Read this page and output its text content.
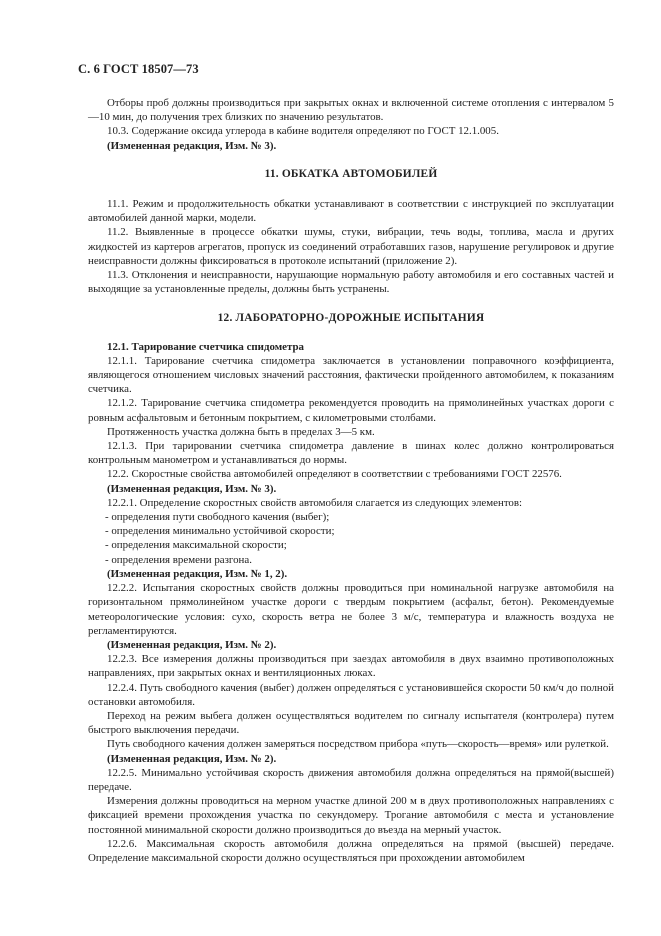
С. 6 ГОСТ 18507—73

Отборы проб должны производиться при закрытых окнах и включенной системе отопления с интервалом 5—10 мин, до получения трех близких по значению результатов.

10.3. Содержание оксида углерода в кабине водителя определяют по ГОСТ 12.1.005.

(Измененная редакция, Изм. № 3).

11. ОБКАТКА АВТОМОБИЛЕЙ

11.1. Режим и продолжительность обкатки устанавливают в соответствии с инструкцией по эксплуатации автомобилей данной марки, модели.

11.2. Выявленные в процессе обкатки шумы, стуки, вибрации, течь воды, топлива, масла и других жидкостей из картеров агрегатов, пропуск из соединений отработавших газов, нарушение регулировок и другие неисправности должны фиксироваться в протоколе испытаний (приложение 2).

11.3. Отклонения и неисправности, нарушающие нормальную работу автомобиля и его составных частей и выходящие за установленные пределы, должны быть устранены.

12. ЛАБОРАТОРНО-ДОРОЖНЫЕ ИСПЫТАНИЯ

12.1. Тарирование счетчика спидометра

12.1.1. Тарирование счетчика спидометра заключается в установлении поправочного коэффициента, являющегося отношением числовых значений расстояния, фактически пройденного автомобилем, к показаниям счетчика.

12.1.2. Тарирование счетчика спидометра рекомендуется проводить на прямолинейных участках дороги с ровным асфальтовым и бетонным покрытием, с километровыми столбами.

Протяженность участка должна быть в пределах 3—5 км.

12.1.3. При тарировании счетчика спидометра давление в шинах колес должно контролироваться контрольным манометром и устанавливаться до нормы.

12.2. Скоростные свойства автомобилей определяют в соответствии с требованиями ГОСТ 22576.

(Измененная редакция, Изм. № 3).

12.2.1. Определение скоростных свойств автомобиля слагается из следующих элементов:

- определения пути свободного качения (выбег);

- определения минимально устойчивой скорости;

- определения максимальной скорости;

- определения времени разгона.

(Измененная редакция, Изм. № 1, 2).

12.2.2. Испытания скоростных свойств должны проводиться при номинальной нагрузке автомобиля на горизонтальном прямолинейном участке дороги с твердым покрытием (асфальт, бетон). Рекомендуемые метеорологические условия: сухо, скорость ветра не более 3 м/с, температура и влажность воздуха не регламентируются.

(Измененная редакция, Изм. № 2).

12.2.3. Все измерения должны производиться при заездах автомобиля в двух взаимно противоположных направлениях, при закрытых окнах и вентиляционных люках.

12.2.4. Путь свободного качения (выбег) должен определяться с установившейся скорости 50 км/ч до полной остановки автомобиля.

Переход на режим выбега должен осуществляться водителем по сигналу испытателя (контролера) путем быстрого выключения передачи.

Путь свободного качения должен замеряться посредством прибора «путь—скорость—время» или рулеткой.

(Измененная редакция, Изм. № 2).

12.2.5. Минимально устойчивая скорость движения автомобиля должна определяться на прямой(высшей) передаче.

Измерения должны проводиться на мерном участке длиной 200 м в двух противоположных направлениях с фиксацией времени прохождения участка по секундомеру. Трогание автомобиля с места и установление постоянной минимальной скорости должно производиться до въезда на мерный участок.

12.2.6. Максимальная скорость автомобиля должна определяться на прямой (высшей) передаче. Определение максимальной скорости должно осуществляться при прохождении автомобилем
